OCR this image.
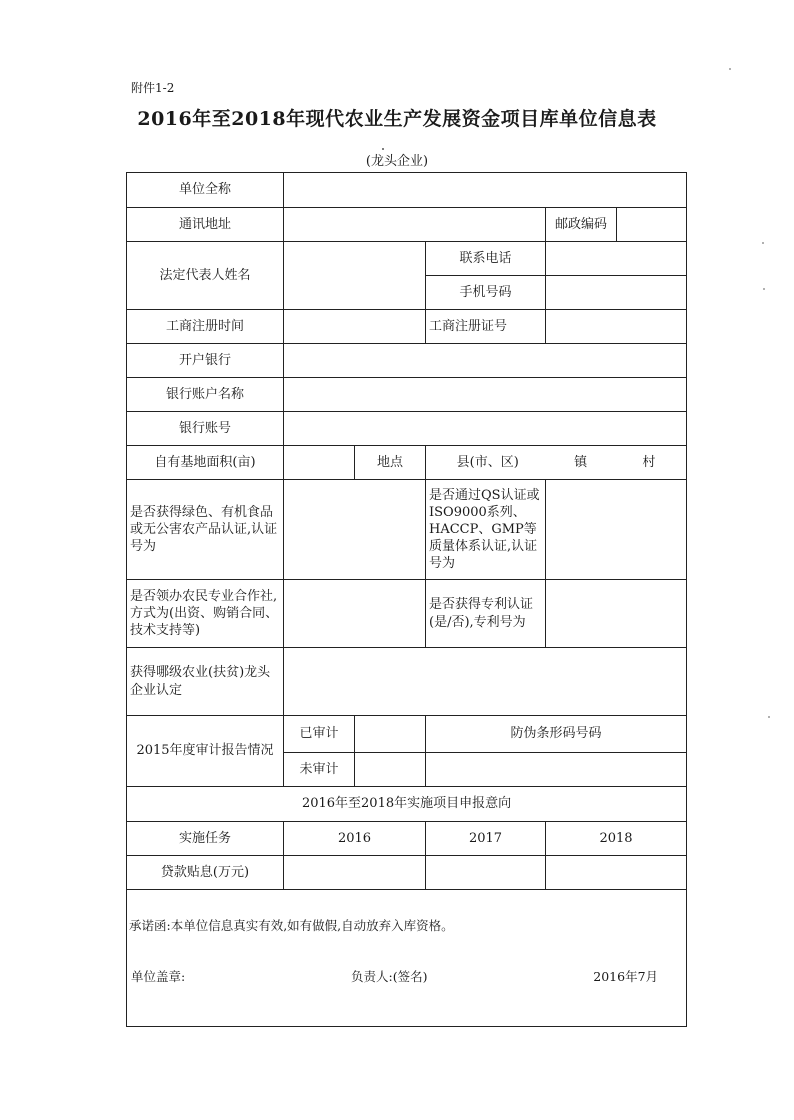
附件1-2
2016年至2018年现代农业生产发展资金项目库单位信息表
(龙头企业)
单位全称					
通讯地址				邮政编码	
法定代表人姓名			联系电话		
			手机号码		
工商注册时间			工商注册证号		
开户银行					
银行账户名称					
银行账号					
自有基地面积(亩)		地点	县(市、区) 镇 村		

是否获得绿色、有机食品或无公害农产品认证,认证号为			是否通过QS认证或ISO9000系列、HACCP、GMP等质量体系认证,认证号为		
是否领办农民专业合作社,方式为(出资、购销合同、技术支持等)			是否获得专利认证(是/否),专利号为		
获得哪级农业(扶贫)龙头企业认定					
2015年度审计报告情况	已审计		防伪条形码号码		
	未审计				
2016年至2018年实施项目申报意向					
实施任务	2016		2017	2018	
贷款贴息(万元)					

承诺函:本单位信息真实有效,如有做假,自动放弃入库资格。
单位盖章: 负责人:(签名) 2016年7月					
